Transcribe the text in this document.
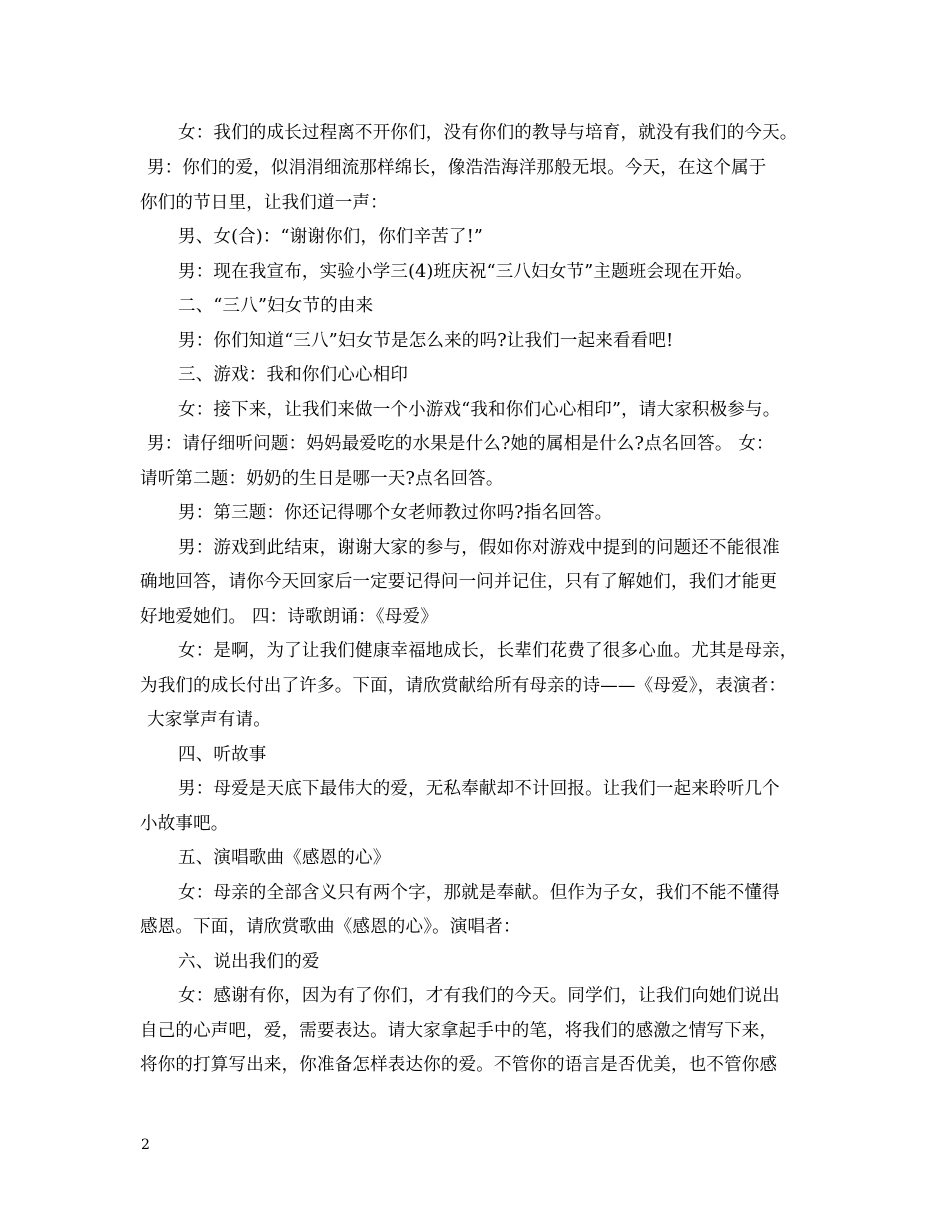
女：我们的成长过程离不开你们，没有你们的教导与培育，就没有我们的今天。
男：你们的爱，似涓涓细流那样绵长，像浩浩海洋那般无垠。今天，在这个属于
你们的节日里，让我们道一声：
男、女(合)：“谢谢你们，你们辛苦了!”
男：现在我宣布，实验小学三(4)班庆祝“三八妇女节”主题班会现在开始。
二、“三八”妇女节的由来
男：你们知道“三八”妇女节是怎么来的吗?让我们一起来看看吧!
三、游戏：我和你们心心相印
女：接下来，让我们来做一个小游戏“我和你们心心相印”，请大家积极参与。
男：请仔细听问题：妈妈最爱吃的水果是什么?她的属相是什么?点名回答。 女：
请听第二题：奶奶的生日是哪一天?点名回答。
男：第三题：你还记得哪个女老师教过你吗?指名回答。
男：游戏到此结束，谢谢大家的参与，假如你对游戏中提到的问题还不能很准
确地回答，请你今天回家后一定要记得问一问并记住，只有了解她们，我们才能更
好地爱她们。 四：诗歌朗诵：《母爱》
女：是啊，为了让我们健康幸福地成长，长辈们花费了很多心血。尤其是母亲，
为我们的成长付出了许多。下面，请欣赏献给所有母亲的诗——《母爱》，表演者：
大家掌声有请。
四、听故事
男：母爱是天底下最伟大的爱，无私奉献却不计回报。让我们一起来聆听几个
小故事吧。
五、演唱歌曲《感恩的心》
女：母亲的全部含义只有两个字，那就是奉献。但作为子女，我们不能不懂得
感恩。下面，请欣赏歌曲《感恩的心》。演唱者：
六、说出我们的爱
女：感谢有你，因为有了你们，才有我们的今天。同学们，让我们向她们说出
自己的心声吧，爱，需要表达。请大家拿起手中的笔，将我们的感激之情写下来，
将你的打算写出来，你准备怎样表达你的爱。不管你的语言是否优美，也不管你感
2
